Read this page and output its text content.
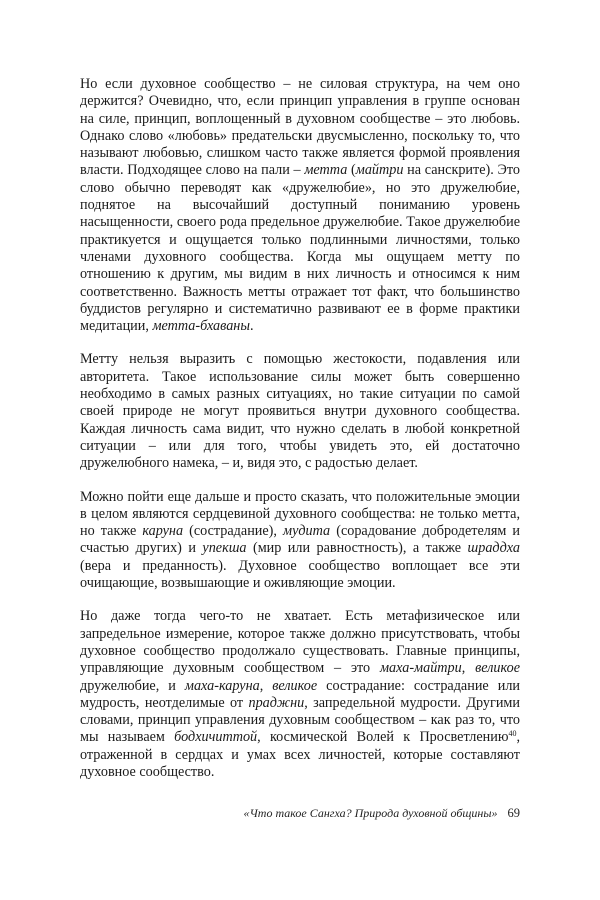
Но если духовное сообщество – не силовая структура, на чем оно держится? Очевидно, что, если принцип управления в группе основан на силе, принцип, воплощенный в духовном сообществе – это любовь. Однако слово «любовь» предательски двусмысленно, поскольку то, что называют любовью, слишком часто также является формой проявления власти. Подходящее слово на пали – метта (майтри на санскрите). Это слово обычно переводят как «дружелюбие», но это дружелюбие, поднятое на высочайший доступный пониманию уровень насыщенности, своего рода предельное дружелюбие. Такое дружелюбие практикуется и ощущается только подлинными личностями, только членами духовного сообщества. Когда мы ощущаем метту по отношению к другим, мы видим в них личность и относимся к ним соответственно. Важность метты отражает тот факт, что большинство буддистов регулярно и систематично развивают ее в форме практики медитации, метта-бхаваны.

Метту нельзя выразить с помощью жестокости, подавления или авторитета. Такое использование силы может быть совершенно необходимо в самых разных ситуациях, но такие ситуации по самой своей природе не могут проявиться внутри духовного сообщества. Каждая личность сама видит, что нужно сделать в любой конкретной ситуации – или для того, чтобы увидеть это, ей достаточно дружелюбного намека, – и, видя это, с радостью делает.

Можно пойти еще дальше и просто сказать, что положительные эмоции в целом являются сердцевиной духовного сообщества: не только метта, но также каруна (сострадание), мудита (сорадование добродетелям и счастью других) и упекша (мир или равностность), а также шраддха (вера и преданность). Духовное сообщество воплощает все эти очищающие, возвышающие и оживляющие эмоции.

Но даже тогда чего-то не хватает. Есть метафизическое или запредельное измерение, которое также должно присутствовать, чтобы духовное сообщество продолжало существовать. Главные принципы, управляющие духовным сообществом – это маха-майтри, великое дружелюбие, и маха-каруна, великое сострадание: сострадание или мудрость, неотделимые от праджни, запредельной мудрости. Другими словами, принцип управления духовным сообществом – как раз то, что мы называем бодхичиттой, космической Волей к Просветлению$^{40}$, отраженной в сердцах и умах всех личностей, которые составляют духовное сообщество.

«Что такое Сангха? Природа духовной общины» 69
